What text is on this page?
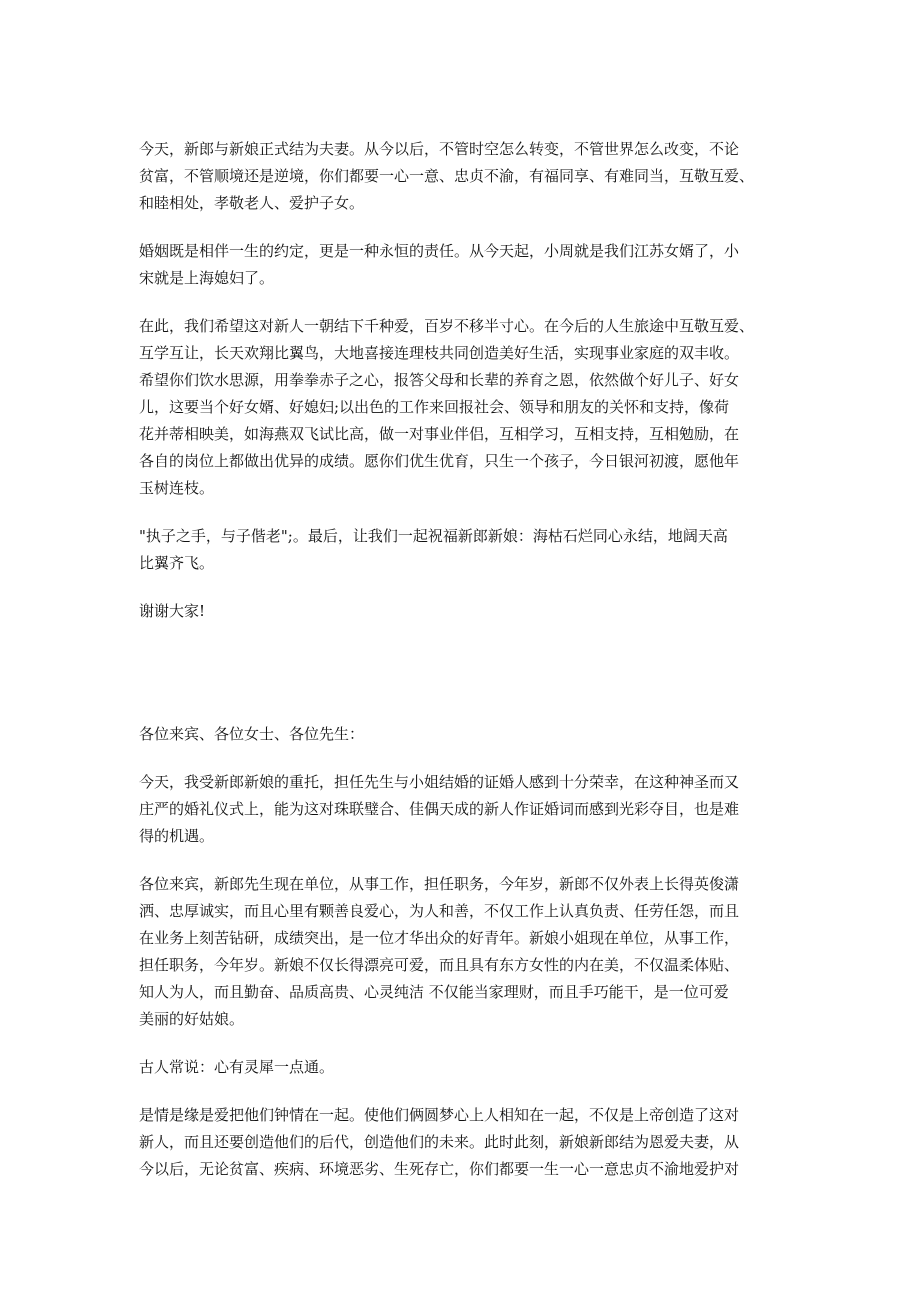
今天，新郎与新娘正式结为夫妻。从今以后，不管时空怎么转变，不管世界怎么改变，不论
贫富，不管顺境还是逆境，你们都要一心一意、忠贞不渝，有福同享、有难同当，互敬互爱、
和睦相处，孝敬老人、爱护子女。

婚姻既是相伴一生的约定，更是一种永恒的责任。从今天起，小周就是我们江苏女婿了，小
宋就是上海媳妇了。

在此，我们希望这对新人一朝结下千种爱，百岁不移半寸心。在今后的人生旅途中互敬互爱、
互学互让，长天欢翔比翼鸟，大地喜接连理枝共同创造美好生活，实现事业家庭的双丰收。
希望你们饮水思源，用拳拳赤子之心，报答父母和长辈的养育之恩，依然做个好儿子、好女
儿，这要当个好女婿、好媳妇;以出色的工作来回报社会、领导和朋友的关怀和支持，像荷
花并蒂相映美，如海燕双飞试比高，做一对事业伴侣，互相学习，互相支持，互相勉励，在
各自的岗位上都做出优异的成绩。愿你们优生优育，只生一个孩子，今日银河初渡，愿他年
玉树连枝。

"执子之手，与子偕老";。最后，让我们一起祝福新郎新娘：海枯石烂同心永结，地阔天高
比翼齐飞。

谢谢大家!

各位来宾、各位女士、各位先生：

今天，我受新郎新娘的重托，担任先生与小姐结婚的证婚人感到十分荣幸，在这种神圣而又
庄严的婚礼仪式上，能为这对珠联璧合、佳偶天成的新人作证婚词而感到光彩夺目，也是难
得的机遇。

各位来宾，新郎先生现在单位，从事工作，担任职务，今年岁，新郎不仅外表上长得英俊潇
洒、忠厚诚实，而且心里有颗善良爱心，为人和善，不仅工作上认真负责、任劳任怨，而且
在业务上刻苦钻研，成绩突出，是一位才华出众的好青年。新娘小姐现在单位，从事工作，
担任职务，今年岁。新娘不仅长得漂亮可爱，而且具有东方女性的内在美，不仅温柔体贴、
知人为人，而且勤奋、品质高贵、心灵纯洁 不仅能当家理财，而且手巧能干，是一位可爱
美丽的好姑娘。

古人常说：心有灵犀一点通。

是情是缘是爱把他们钟情在一起。使他们俩圆梦心上人相知在一起，不仅是上帝创造了这对
新人，而且还要创造他们的后代，创造他们的未来。此时此刻，新娘新郎结为恩爱夫妻，从
今以后，无论贫富、疾病、环境恶劣、生死存亡，你们都要一生一心一意忠贞不渝地爱护对
